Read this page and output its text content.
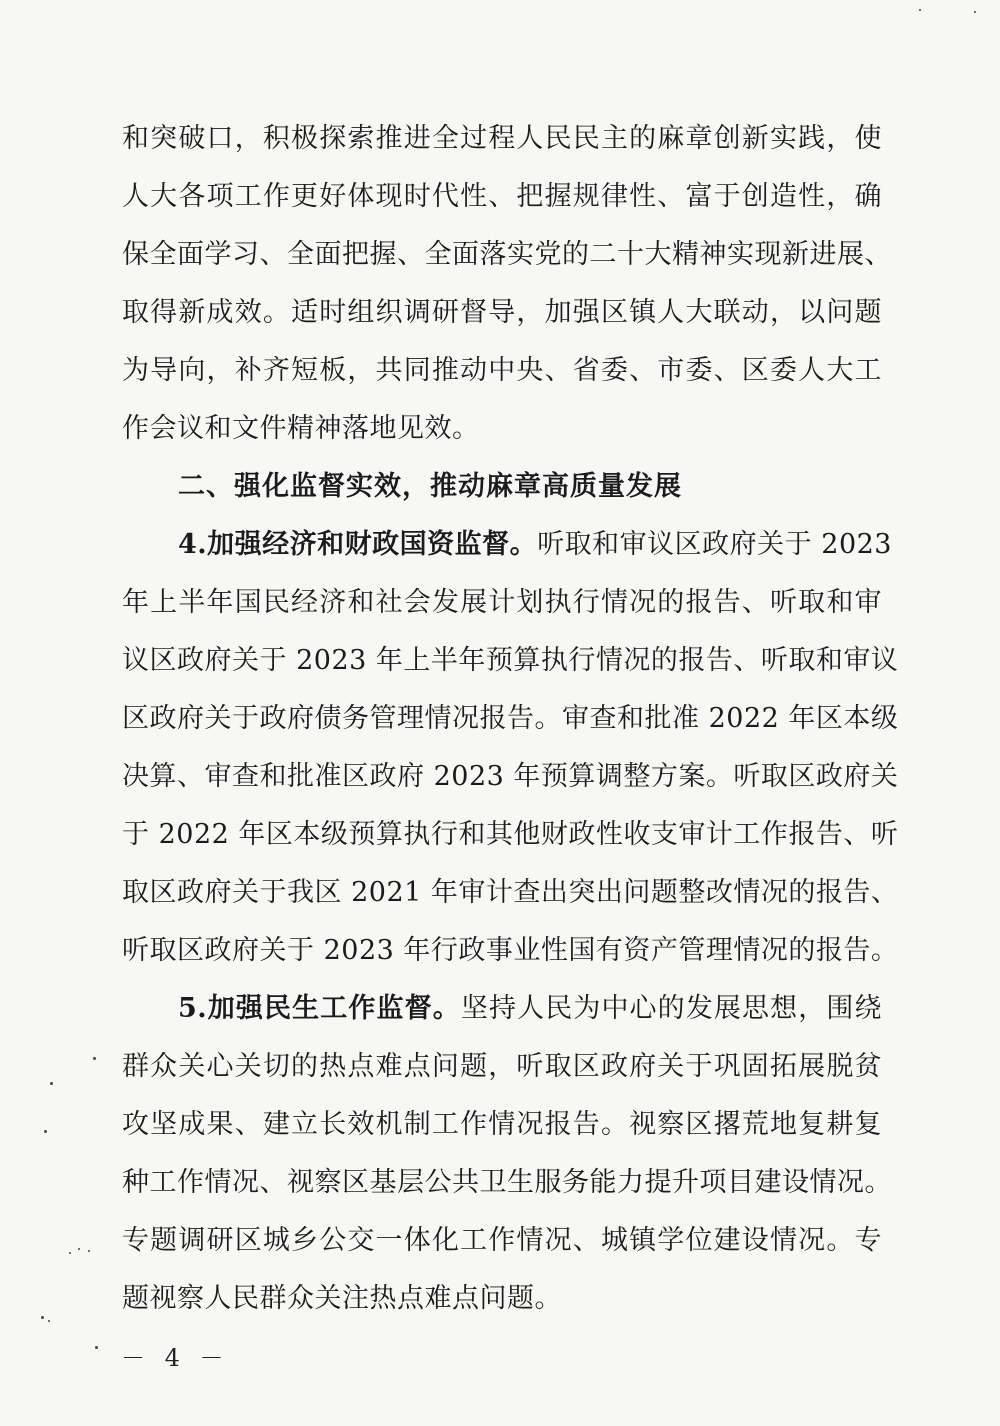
和突破口，积极探索推进全过程人民民主的麻章创新实践，使
人大各项工作更好体现时代性、把握规律性、富于创造性，确
保全面学习、全面把握、全面落实党的二十大精神实现新进展、
取得新成效。适时组织调研督导，加强区镇人大联动，以问题
为导向，补齐短板，共同推动中央、省委、市委、区委人大工
作会议和文件精神落地见效。
二、强化监督实效，推动麻章高质量发展
4.加强经济和财政国资监督。听取和审议区政府关于 2023
年上半年国民经济和社会发展计划执行情况的报告、听取和审
议区政府关于 2023 年上半年预算执行情况的报告、听取和审议
区政府关于政府债务管理情况报告。审查和批准 2022 年区本级
决算、审查和批准区政府 2023 年预算调整方案。听取区政府关
于 2022 年区本级预算执行和其他财政性收支审计工作报告、听
取区政府关于我区 2021 年审计查出突出问题整改情况的报告、
听取区政府关于 2023 年行政事业性国有资产管理情况的报告。
5.加强民生工作监督。坚持人民为中心的发展思想，围绕
群众关心关切的热点难点问题，听取区政府关于巩固拓展脱贫
攻坚成果、建立长效机制工作情况报告。视察区撂荒地复耕复
种工作情况、视察区基层公共卫生服务能力提升项目建设情况。
专题调研区城乡公交一体化工作情况、城镇学位建设情况。专
题视察人民群众关注热点难点问题。
－ 4 －
